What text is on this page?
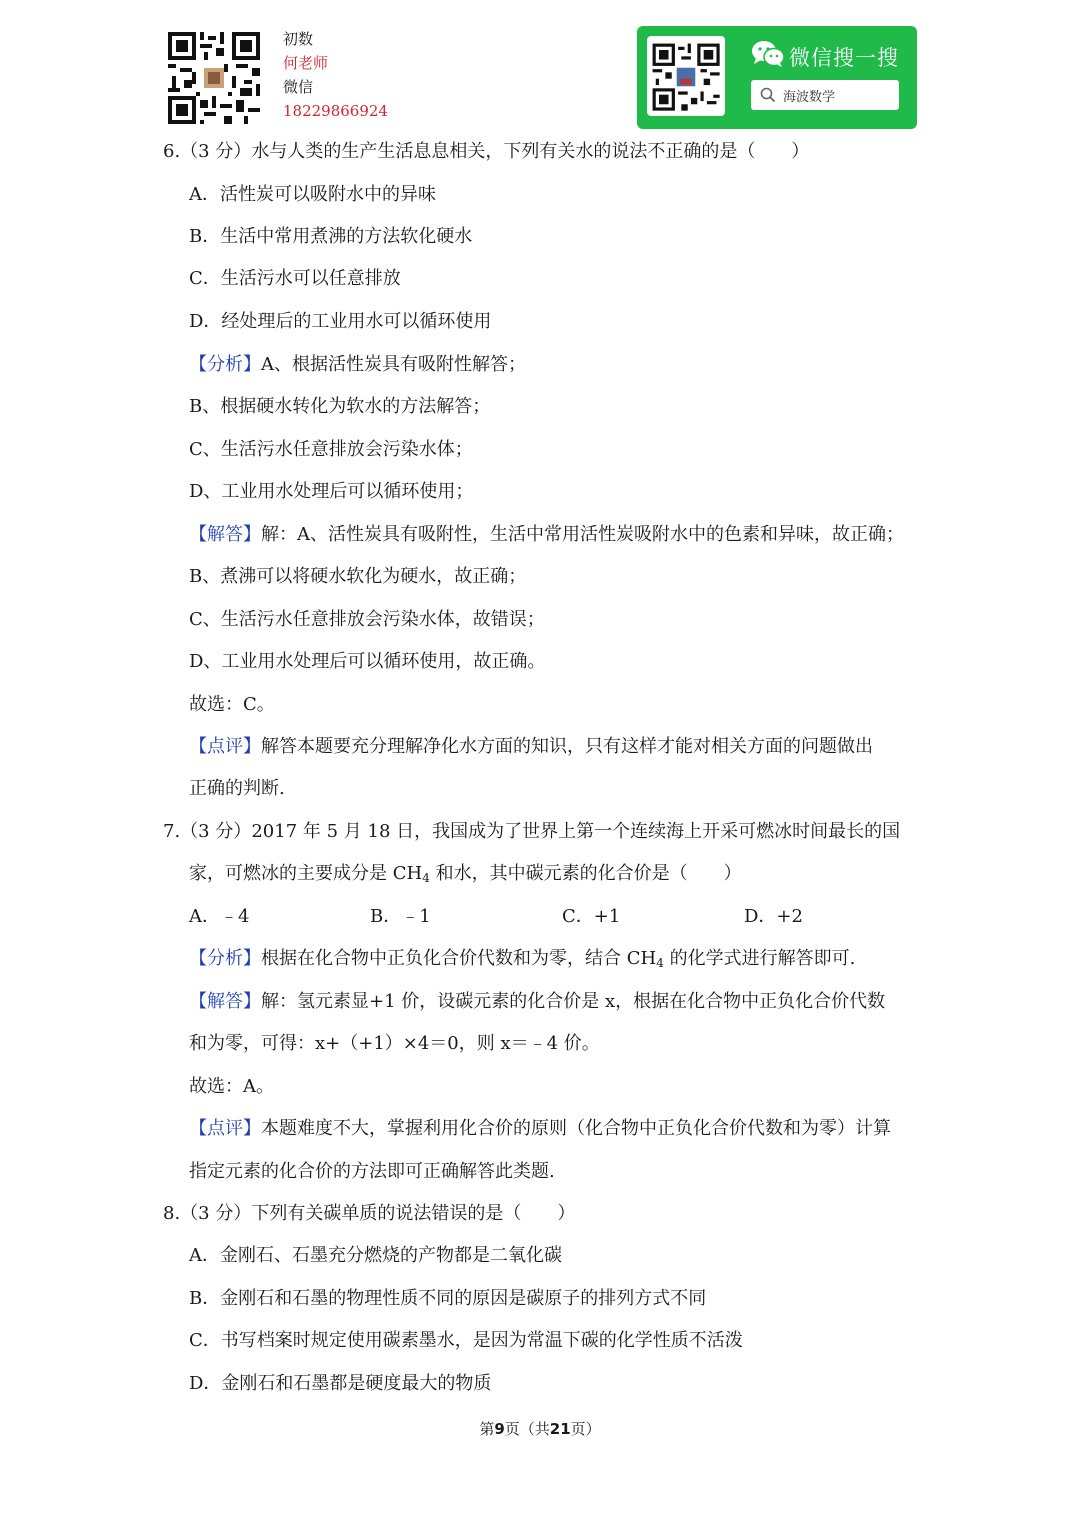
初数
何老师
微信
18229866924
微信搜一搜
海波数学
6.（3 分）水与人类的生产生活息息相关，下列有关水的说法不正确的是（　　）
A．活性炭可以吸附水中的异味
B．生活中常用煮沸的方法软化硬水
C．生活污水可以任意排放
D．经处理后的工业用水可以循环使用
【分析】A、根据活性炭具有吸附性解答；
B、根据硬水转化为软水的方法解答；
C、生活污水任意排放会污染水体；
D、工业用水处理后可以循环使用；
【解答】解：A、活性炭具有吸附性，生活中常用活性炭吸附水中的色素和异味，故正确；
B、煮沸可以将硬水软化为硬水，故正确；
C、生活污水任意排放会污染水体，故错误；
D、工业用水处理后可以循环使用，故正确。
故选：C。
【点评】解答本题要充分理解净化水方面的知识，只有这样才能对相关方面的问题做出
正确的判断.
7.（3 分）2017 年 5 月 18 日，我国成为了世界上第一个连续海上开采可燃冰时间最长的国
家，可燃冰的主要成分是 $CH_4$ 和水，其中碳元素的化合价是（　　）
A．﹣4	B．﹣1	C．+1	D．+2
【分析】根据在化合物中正负化合价代数和为零，结合 $CH_4$ 的化学式进行解答即可.
【解答】解：氢元素显+1 价，设碳元素的化合价是 x，根据在化合物中正负化合价代数
和为零，可得：x+（+1）×4＝0，则 x＝﹣4 价。
故选：A。
【点评】本题难度不大，掌握利用化合价的原则（化合物中正负化合价代数和为零）计算
指定元素的化合价的方法即可正确解答此类题.
8.（3 分）下列有关碳单质的说法错误的是（　　）
A．金刚石、石墨充分燃烧的产物都是二氧化碳
B．金刚石和石墨的物理性质不同的原因是碳原子的排列方式不同
C．书写档案时规定使用碳素墨水，是因为常温下碳的化学性质不活泼
D．金刚石和石墨都是硬度最大的物质
第9页（共21页）
